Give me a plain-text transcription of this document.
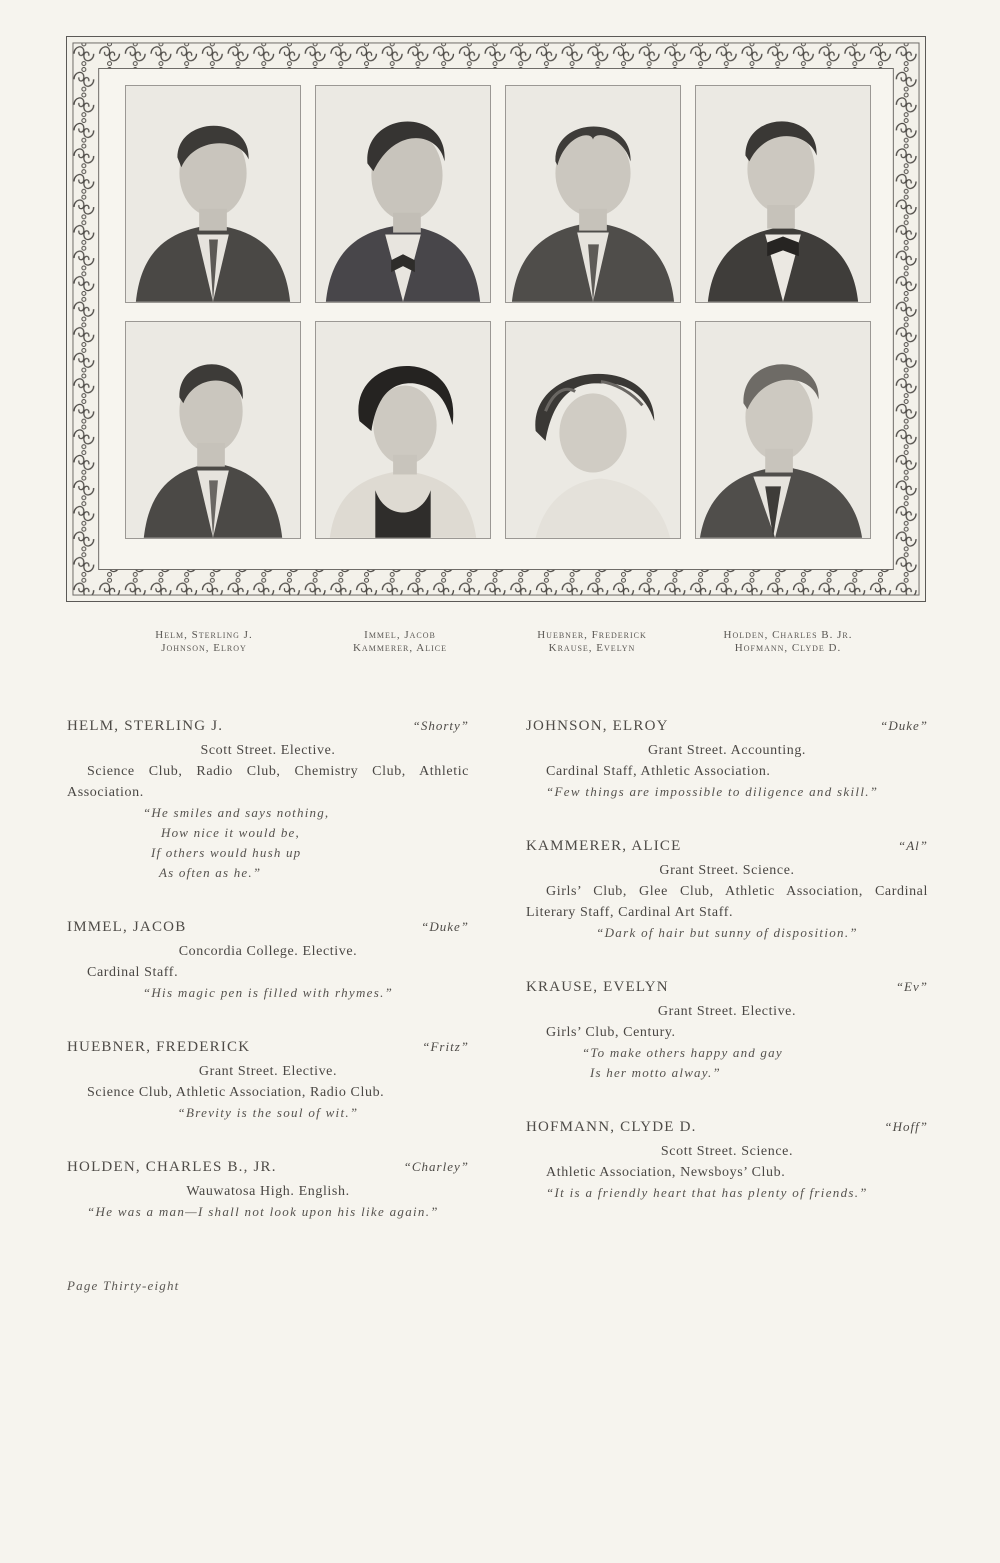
Helm, Sterling J.
Johnson, Elroy
Immel, Jacob
Kammerer, Alice
Huebner, Frederick
Krause, Evelyn
Holden, Charles B. Jr.
Hofmann, Clyde D.
HELM, STERLING J.	“Shorty”
Scott Street. Elective.
Science Club, Radio Club, Chemistry Club, Athletic Association.
“He smiles and says nothing,
How nice it would be,
If others would hush up
As often as he.”
IMMEL, JACOB	“Duke”
Concordia College. Elective.
Cardinal Staff.
“His magic pen is filled with rhymes.”
HUEBNER, FREDERICK	“Fritz”
Grant Street. Elective.
Science Club, Athletic Association, Radio Club.
“Brevity is the soul of wit.”
HOLDEN, CHARLES B., JR.	“Charley”
Wauwatosa High. English.
“He was a man—I shall not look upon his like again.”
JOHNSON, ELROY	“Duke”
Grant Street. Accounting.
Cardinal Staff, Athletic Association.
“Few things are impossible to diligence and skill.”
KAMMERER, ALICE	“Al”
Grant Street. Science.
Girls’ Club, Glee Club, Athletic Association, Cardinal Literary Staff, Cardinal Art Staff.
“Dark of hair but sunny of disposition.”
KRAUSE, EVELYN	“Ev”
Grant Street. Elective.
Girls’ Club, Century.
“To make others happy and gay
Is her motto alway.”
HOFMANN, CLYDE D.	“Hoff”
Scott Street. Science.
Athletic Association, Newsboys’ Club.
“It is a friendly heart that has plenty of friends.”
Page Thirty-eight
